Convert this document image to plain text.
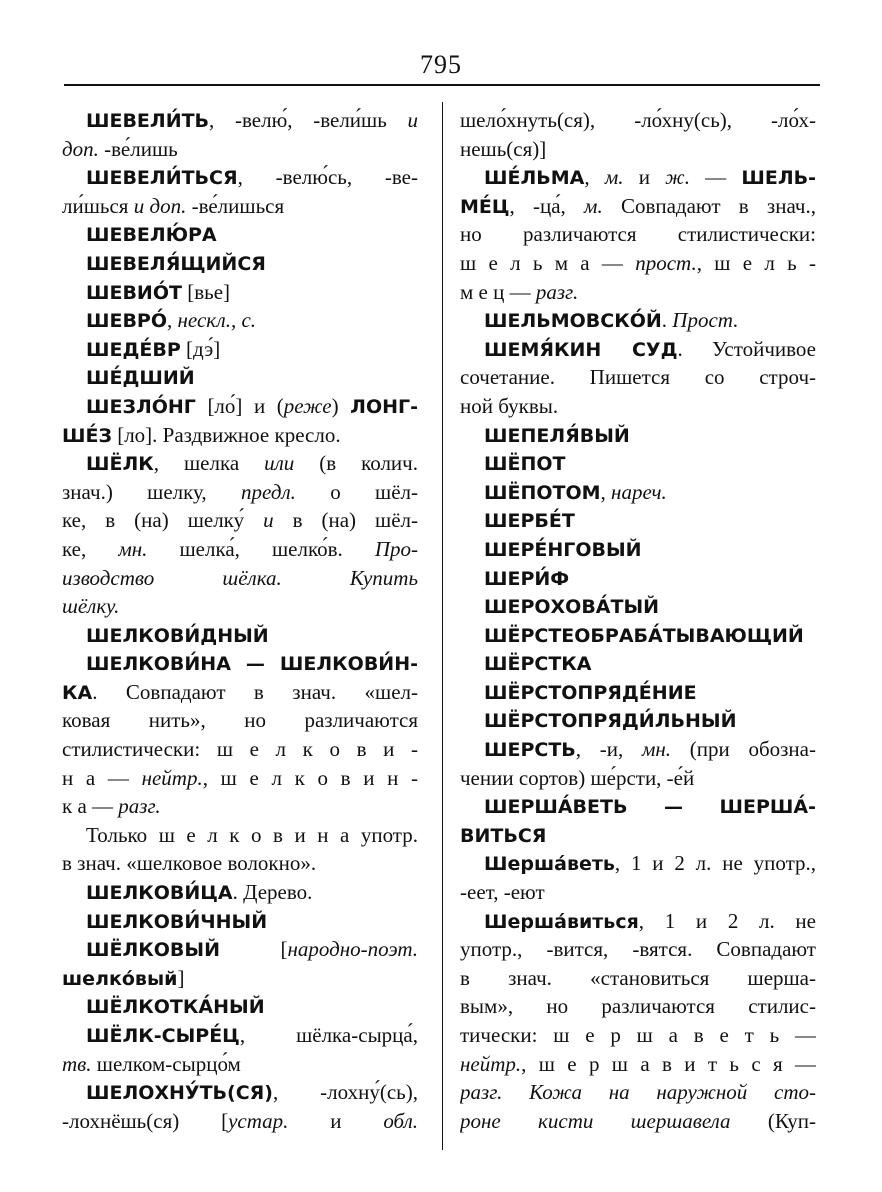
795
ШЕВЕЛИ́ТЬ, -велю́, -вели́шь и
доп. -ве́лишь
ШЕВЕЛИ́ТЬСЯ, -велю́сь, -ве-
ли́шься и доп. -ве́лишься
ШЕВЕЛЮ́РА
ШЕВЕЛЯ́ЩИЙСЯ
ШЕВИО́Т [вье]
ШЕВРО́, нескл., с.
ШЕДЕ́ВР [дэ́]
ШЕ́ДШИЙ
ШЕЗЛО́НГ [ло́] и (реже) ЛОНГ-
ШЕ́З [ло]. Раздвижное кресло.
ШЁЛК, шелка или (в колич.
знач.) шелку, предл. о шёл-
ке, в (на) шелку́ и в (на) шёл-
ке, мн. шелка́, шелко́в. Про-
изводство шёлка. Купить
шёлку.
ШЕЛКОВИ́ДНЫЙ
ШЕЛКОВИ́НА — ШЕЛКОВИ́Н-
КА. Совпадают в знач. «шел-
ковая нить», но различаются
стилистически: ш е л к о в и -
н а — нейтр., ш е л к о в и н -
к а — разг.
Только ш е л к о в и н а употр.
в знач. «шелковое волокно».
ШЕЛКОВИ́ЦА. Дерево.
ШЕЛКОВИ́ЧНЫЙ
ШЁЛКОВЫЙ [народно-поэт.
шелко́вый]
ШЁЛКОТКА́НЫЙ
ШЁЛК-СЫРЕ́Ц, шёлка-сырца́,
тв. шелком-сырцо́м
ШЕЛОХНУ́ТЬ(СЯ), -лохну́(сь),
-лохнёшь(ся) [устар. и обл.
шело́хнуть(ся), -ло́хну(сь), -ло́х-
нешь(ся)]
ШЕ́ЛЬМА, м. и ж. — ШЕЛЬ-
МЕ́Ц, -ца́, м. Совпадают в знач.,
но различаются стилистически:
ш е л ь м а — прост., ш е л ь -
м е ц — разг.
ШЕЛЬМОВСКО́Й. Прост.
ШЕМЯ́КИН СУД. Устойчивое
сочетание. Пишется со строч-
ной буквы.
ШЕПЕЛЯ́ВЫЙ
ШЁПОТ
ШЁПОТОМ, нареч.
ШЕРБЕ́Т
ШЕРЕ́НГОВЫЙ
ШЕРИ́Ф
ШЕРОХОВА́ТЫЙ
ШЁРСТЕОБРАБА́ТЫВАЮЩИЙ
ШЁРСТКА
ШЁРСТОПРЯДЕ́НИЕ
ШЁРСТОПРЯДИ́ЛЬНЫЙ
ШЕРСТЬ, -и, мн. (при обозна-
чении сортов) ше́рсти, -е́й
ШЕРША́ВЕТЬ — ШЕРША́-
ВИТЬСЯ
Шерша́веть, 1 и 2 л. не употр.,
-еет, -еют
Шерша́виться, 1 и 2 л. не
употр., -вится, -вятся. Совпадают
в знач. «становиться шерша-
вым», но различаются стилис-
тически: ш е р ш а в е т ь —
нейтр., ш е р ш а в и т ь с я —
разг. Кожа на наружной сто-
роне кисти шершавела (Куп-
